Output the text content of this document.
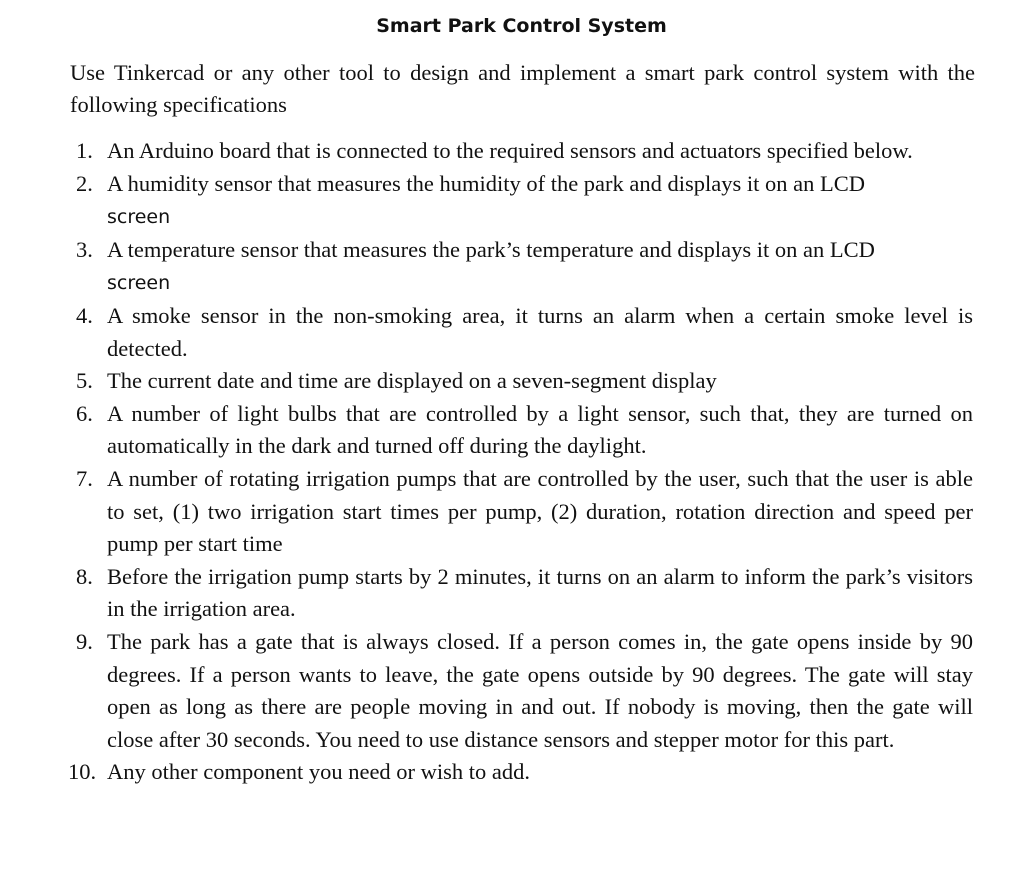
Smart Park Control System
Use Tinkercad or any other tool to design and implement a smart park control system with the following specifications
1. An Arduino board that is connected to the required sensors and actuators specified below.
2. A humidity sensor that measures the humidity of the park and displays it on an LCD
screen
3. A temperature sensor that measures the park’s temperature and displays it on an LCD
screen
4. A smoke sensor in the non-smoking area, it turns an alarm when a certain smoke level is detected.
5. The current date and time are displayed on a seven-segment display
6. A number of light bulbs that are controlled by a light sensor, such that, they are turned on automatically in the dark and turned off during the daylight.
7. A number of rotating irrigation pumps that are controlled by the user, such that the user is able to set, (1) two irrigation start times per pump, (2) duration, rotation direction and speed per pump per start time
8. Before the irrigation pump starts by 2 minutes, it turns on an alarm to inform the park’s visitors in the irrigation area.
9. The park has a gate that is always closed. If a person comes in, the gate opens inside by 90 degrees. If a person wants to leave, the gate opens outside by 90 degrees. The gate will stay open as long as there are people moving in and out. If nobody is moving, then the gate will close after 30 seconds. You need to use distance sensors and stepper motor for this part.
10. Any other component you need or wish to add.
